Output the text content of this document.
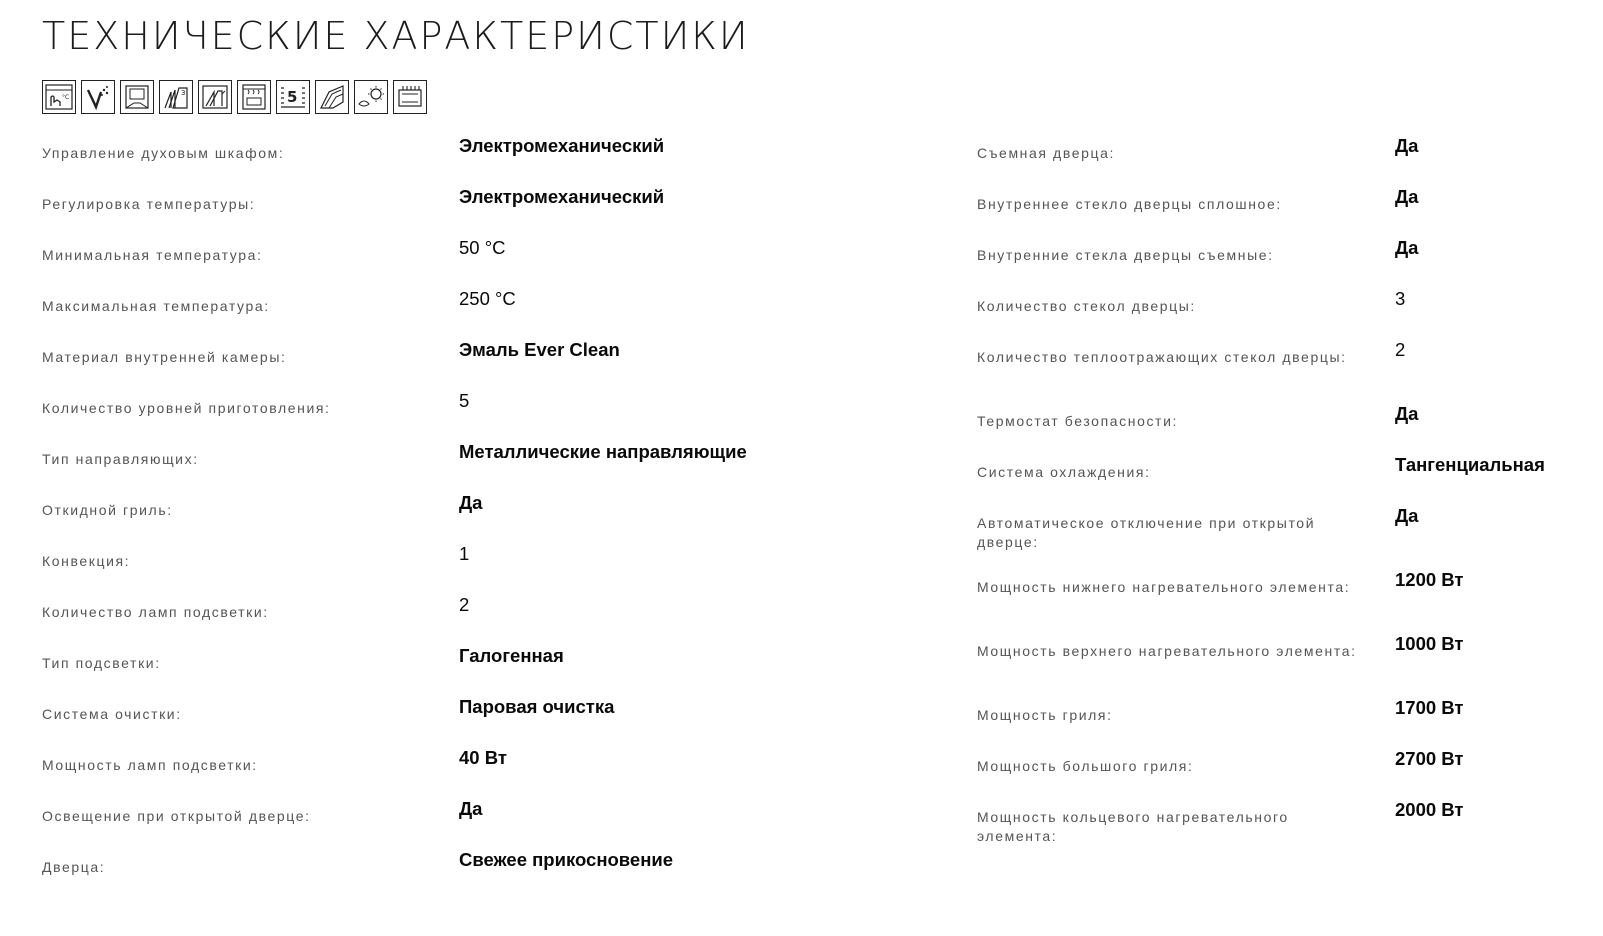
ТЕХНИЧЕСКИЕ ХАРАКТЕРИСТИКИ
°C
3	5
Управление духовым шкафом:	Электромеханический
Регулировка температуры:	Электромеханический
Минимальная температура:	50 °C
Максимальная температура:	250 °C
Материал внутренней камеры:	Эмаль Ever Clean
Количество уровней приготовления:	5
Тип направляющих:	Металлические направляющие
Откидной гриль:	Да
Конвекция:	1
Количество ламп подсветки:	2
Тип подсветки:	Галогенная
Система очистки:	Паровая очистка
Мощность ламп подсветки:	40 Вт
Освещение при открытой дверце:	Да
Дверца:	Свежее прикосновение
Съемная дверца:	Да
Внутреннее стекло дверцы сплошное:	Да
Внутренние стекла дверцы съемные:	Да
Количество стекол дверцы:	3
Количество теплоотражающих стекол дверцы:	2
Термостат безопасности:	Да
Система охлаждения:	Тангенциальная
Автоматическое отключение при открытой дверце:
Да
Мощность нижнего нагревательного элемента:	1200 Вт
Мощность верхнего нагревательного элемента: 1000 Вт
Мощность гриля:	1700 Вт
Мощность большого гриля:	2700 Вт
Мощность кольцевого нагревательного элемента:
2000 Вт
